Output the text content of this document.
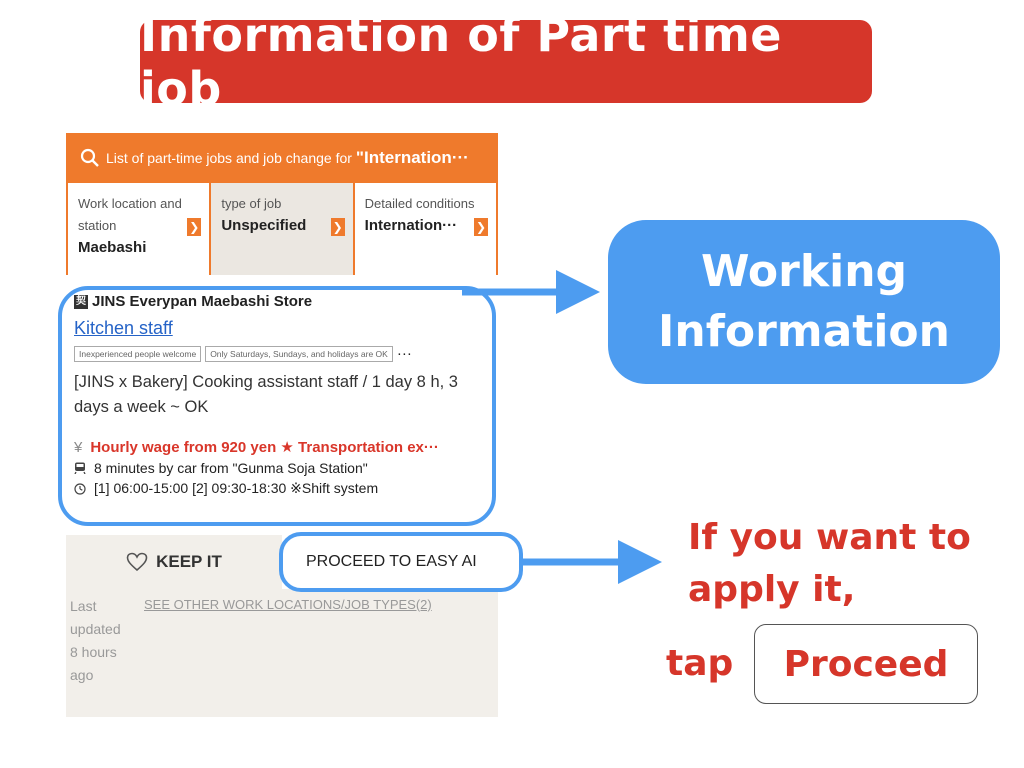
Information of Part time job
List of part-time jobs and job change for "Internation···
Work location and station
Maebashi
❯
type of job
Unspecified	❯
Detailed conditions
Internation···	❯
契 JINS Everypan Maebashi Store
Kitchen staff
Inexperienced people welcome	Only Saturdays, Sundays, and holidays are OK ···
[JINS x Bakery] Cooking assistant staff / 1 day 8 h, 3 days a week ~ OK
¥ Hourly wage from 920 yen ★ Transportation ex···
8 minutes by car from "Gunma Soja Station"
[1] 06:00-15:00 [2] 09:30-18:30 ※Shift system
KEEP IT	PROCEED TO EASY AI
Last updated 8 hours ago
SEE OTHER WORK LOCATIONS/JOB TYPES(2)
Working
Information
If you want to
apply it,
tap	Proceed
